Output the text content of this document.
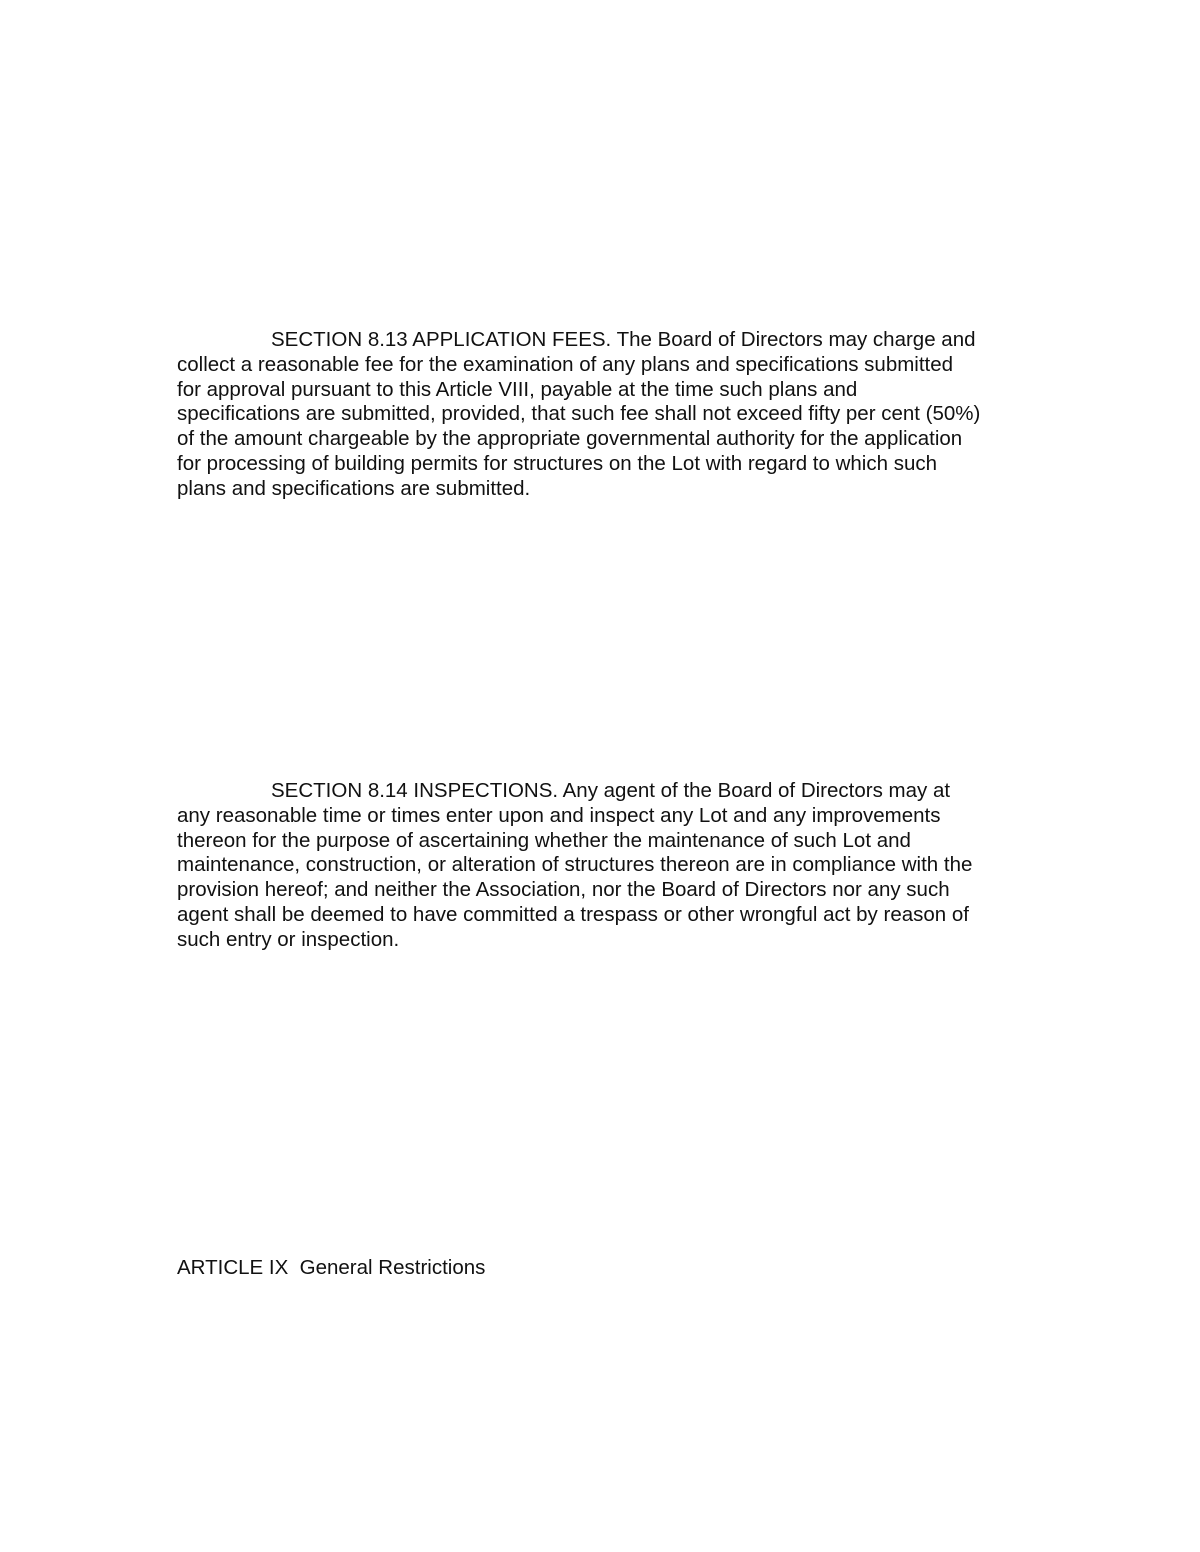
SECTION 8.13 APPLICATION FEES. The Board of Directors may charge and
collect a reasonable fee for the examination of any plans and specifications submitted
for approval pursuant to this Article VIII, payable at the time such plans and
specifications are submitted, provided, that such fee shall not exceed fifty per cent (50%)
of the amount chargeable by the appropriate governmental authority for the application
for processing of building permits for structures on the Lot with regard to which such
plans and specifications are submitted.

SECTION 8.14 INSPECTIONS. Any agent of the Board of Directors may at
any reasonable time or times enter upon and inspect any Lot and any improvements
thereon for the purpose of ascertaining whether the maintenance of such Lot and
maintenance, construction, or alteration of structures thereon are in compliance with the
provision hereof; and neither the Association, nor the Board of Directors nor any such
agent shall be deemed to have committed a trespass or other wrongful act by reason of
such entry or inspection.

ARTICLE IX  General Restrictions
